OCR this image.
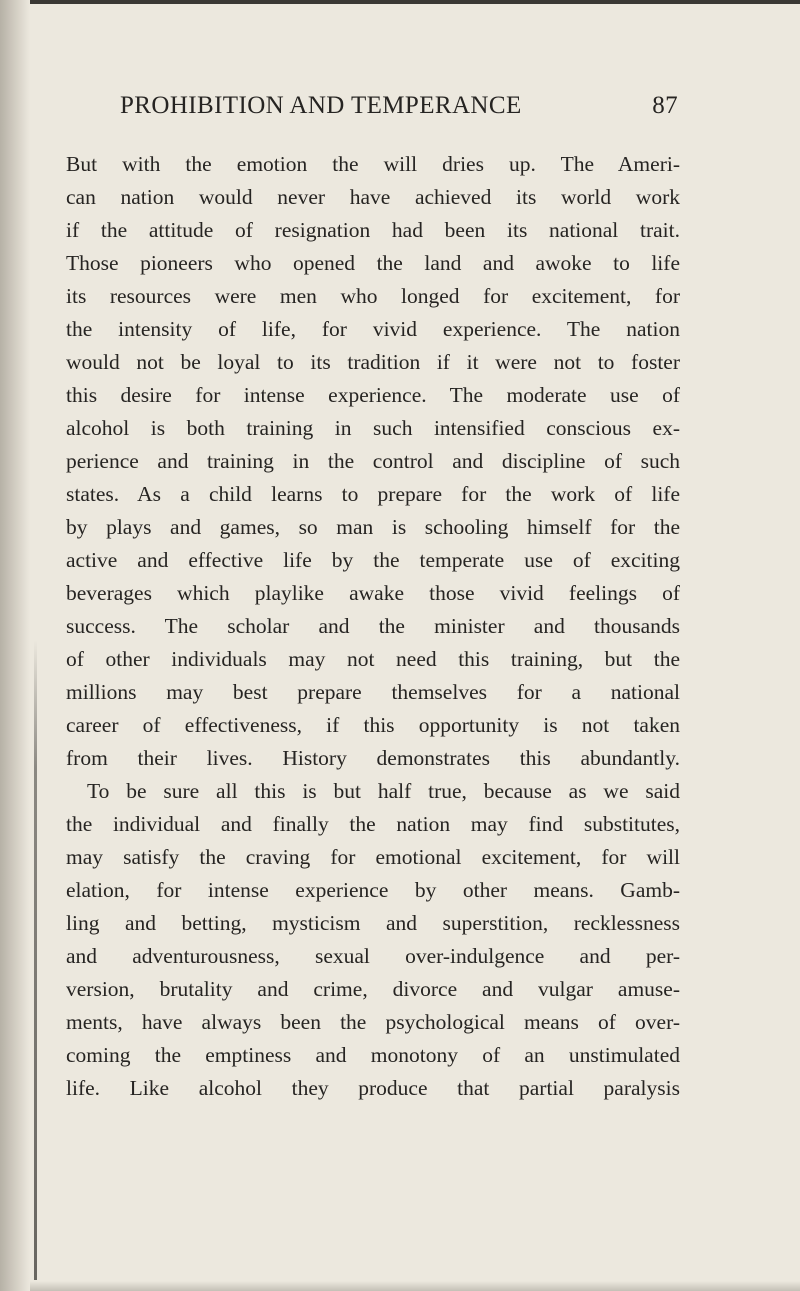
PROHIBITION AND TEMPERANCE	87
But with the emotion the will dries up. The Ameri-
can nation would never have achieved its world work
if the attitude of resignation had been its national trait.
Those pioneers who opened the land and awoke to life
its resources were men who longed for excitement, for
the intensity of life, for vivid experience. The nation
would not be loyal to its tradition if it were not to foster
this desire for intense experience. The moderate use of
alcohol is both training in such intensified conscious ex-
perience and training in the control and discipline of such
states. As a child learns to prepare for the work of life
by plays and games, so man is schooling himself for the
active and effective life by the temperate use of exciting
beverages which playlike awake those vivid feelings of
success. The scholar and the minister and thousands
of other individuals may not need this training, but the
millions may best prepare themselves for a national
career of effectiveness, if this opportunity is not taken
from their lives. History demonstrates this abundantly.
To be sure all this is but half true, because as we said
the individual and finally the nation may find substitutes,
may satisfy the craving for emotional excitement, for will
elation, for intense experience by other means. Gamb-
ling and betting, mysticism and superstition, recklessness
and adventurousness, sexual over-indulgence and per-
version, brutality and crime, divorce and vulgar amuse-
ments, have always been the psychological means of over-
coming the emptiness and monotony of an unstimulated
life. Like alcohol they produce that partial paralysis
